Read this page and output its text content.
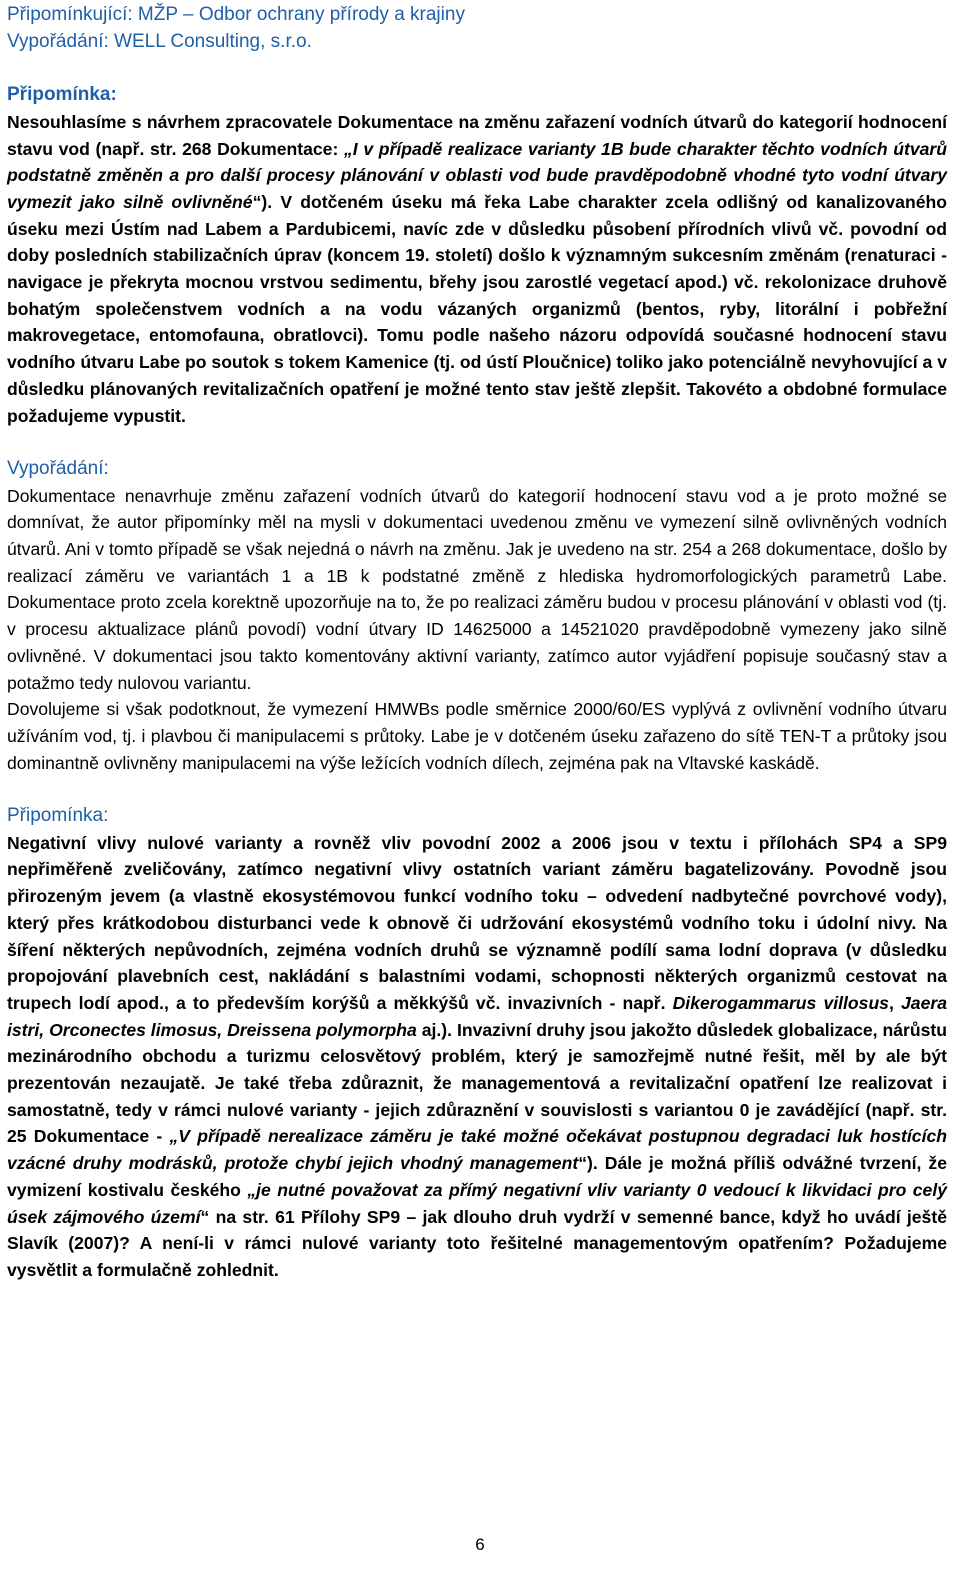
Připomínkující: MŽP – Odbor ochrany přírody a krajiny

Vypořádání: WELL Consulting, s.r.o.

Připomínka:

Nesouhlasíme s návrhem zpracovatele Dokumentace na změnu zařazení vodních útvarů do kategorií hodnocení stavu vod (např. str. 268 Dokumentace: „I v případě realizace varianty 1B bude charakter těchto vodních útvarů podstatně změněn a pro další procesy plánování v oblasti vod bude pravděpodobně vhodné tyto vodní útvary vymezit jako silně ovlivněné“). V dotčeném úseku má řeka Labe charakter zcela odlišný od kanalizovaného úseku mezi Ústím nad Labem a Pardubicemi, navíc zde v důsledku působení přírodních vlivů vč. povodní od doby posledních stabilizačních úprav (koncem 19. století) došlo k významným sukcesním změnám (renaturaci - navigace je překryta mocnou vrstvou sedimentu, břehy jsou zarostlé vegetací apod.) vč. rekolonizace druhově bohatým společenstvem vodních a na vodu vázaných organizmů (bentos, ryby, litorální i pobřežní makrovegetace, entomofauna, obratlovci). Tomu podle našeho názoru odpovídá současné hodnocení stavu vodního útvaru Labe po soutok s tokem Kamenice (tj. od ústí Ploučnice) toliko jako potenciálně nevyhovující a v důsledku plánovaných revitalizačních opatření je možné tento stav ještě zlepšit. Takovéto a obdobné formulace požadujeme vypustit.

Vypořádání:

Dokumentace nenavrhuje změnu zařazení vodních útvarů do kategorií hodnocení stavu vod a je proto možné se domnívat, že autor připomínky měl na mysli v dokumentaci uvedenou změnu ve vymezení silně ovlivněných vodních útvarů. Ani v tomto případě se však nejedná o návrh na změnu. Jak je uvedeno na str. 254 a 268 dokumentace, došlo by realizací záměru ve variantách 1 a 1B k podstatné změně z hlediska hydromorfologických parametrů Labe. Dokumentace proto zcela korektně upozorňuje na to, že po realizaci záměru budou v procesu plánování v oblasti vod (tj. v procesu aktualizace plánů povodí) vodní útvary ID 14625000 a 14521020 pravděpodobně vymezeny jako silně ovlivněné. V dokumentaci jsou takto komentovány aktivní varianty, zatímco autor vyjádření popisuje současný stav a potažmo tedy nulovou variantu.

Dovolujeme si však podotknout, že vymezení HMWBs podle směrnice 2000/60/ES vyplývá z ovlivnění vodního útvaru užíváním vod, tj. i plavbou či manipulacemi s průtoky. Labe je v dotčeném úseku zařazeno do sítě TEN-T a průtoky jsou dominantně ovlivněny manipulacemi na výše ležících vodních dílech, zejména pak na Vltavské kaskádě.

Připomínka:

Negativní vlivy nulové varianty a rovněž vliv povodní 2002 a 2006 jsou v textu i přílohách SP4 a SP9 nepřiměřeně zveličovány, zatímco negativní vlivy ostatních variant záměru bagatelizovány. Povodně jsou přirozeným jevem (a vlastně ekosystémovou funkcí vodního toku – odvedení nadbytečné povrchové vody), který přes krátkodobou disturbanci vede k obnově či udržování ekosystémů vodního toku i údolní nivy. Na šíření některých nepůvodních, zejména vodních druhů se významně podílí sama lodní doprava (v důsledku propojování plavebních cest, nakládání s balastními vodami, schopnosti některých organizmů cestovat na trupech lodí apod., a to především korýšů a měkkýšů vč. invazivních - např. Dikerogammarus villosus, Jaera istri, Orconectes limosus, Dreissena polymorpha aj.). Invazivní druhy jsou jakožto důsledek globalizace, nárůstu mezinárodního obchodu a turizmu celosvětový problém, který je samozřejmě nutné řešit, měl by ale být prezentován nezaujatě. Je také třeba zdůraznit, že managementová a revitalizační opatření lze realizovat i samostatně, tedy v rámci nulové varianty - jejich zdůraznění v souvislosti s variantou 0 je zavádějící (např. str. 25 Dokumentace - „V případě nerealizace záměru je také možné očekávat postupnou degradaci luk hostících vzácné druhy modrásků, protože chybí jejich vhodný management“). Dále je možná příliš odvážné tvrzení, že vymizení kostivalu českého „je nutné považovat za přímý negativní vliv varianty 0 vedoucí k likvidaci pro celý úsek zájmového území“ na str. 61 Přílohy SP9 – jak dlouho druh vydrží v semenné bance, když ho uvádí ještě Slavík (2007)? A není-li v rámci nulové varianty toto řešitelné managementovým opatřením? Požadujeme vysvětlit a formulačně zohlednit.

6
